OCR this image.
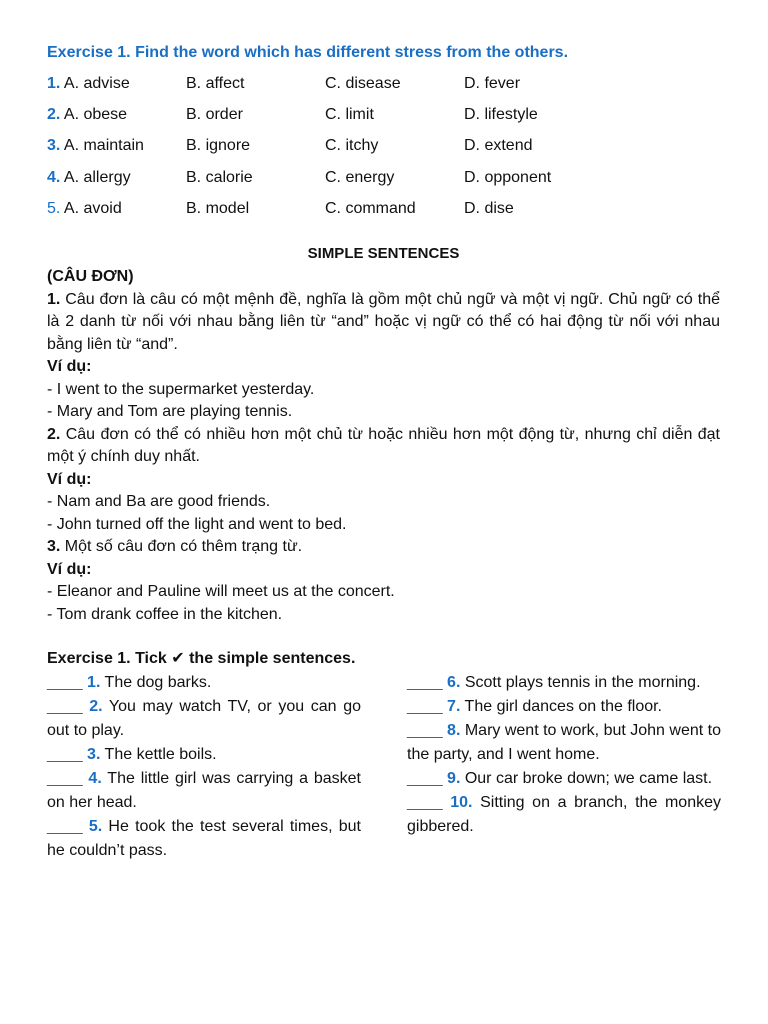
Exercise 1. Find the word which has different stress from the others.
1. A. advise	B. affect	C. disease	D. fever
2. A. obese	B. order	C. limit	D. lifestyle
3. A. maintain	B. ignore	C. itchy	D. extend
4. A. allergy	B. calorie	C. energy	D. opponent
5. A. avoid	B. model	C. command	D. dise
SIMPLE SENTENCES

(CÂU ĐƠN)

1. Câu đơn là câu có một mệnh đề, nghĩa là gồm một chủ ngữ và một vị ngữ. Chủ ngữ có thể là 2 danh từ nối với nhau bằng liên từ “and” hoặc vị ngữ có thể có hai động từ nối với nhau bằng liên từ “and”.

Ví dụ:

- I went to the supermarket yesterday.

- Mary and Tom are playing tennis.

2. Câu đơn có thể có nhiều hơn một chủ từ hoặc nhiều hơn một động từ, nhưng chỉ diễn đạt một ý chính duy nhất.

Ví dụ:

- Nam and Ba are good friends.

- John turned off the light and went to bed.

3. Một số câu đơn có thêm trạng từ.

Ví dụ:

- Eleanor and Pauline will meet us at the concert.

- Tom drank coffee in the kitchen.

Exercise 1. Tick ✔ the simple sentences.

____ 1. The dog barks.

____ 2. You may watch TV, or you can go out to play.

____ 3. The kettle boils.

____ 4. The little girl was carrying a basket on her head.

____ 5. He took the test several times, but he couldn’t pass.

____ 6. Scott plays tennis in the morning.

____ 7. The girl dances on the floor.

____ 8. Mary went to work, but John went to the party, and I went home.

____ 9. Our car broke down; we came last.

____ 10. Sitting on a branch, the monkey gibbered.
